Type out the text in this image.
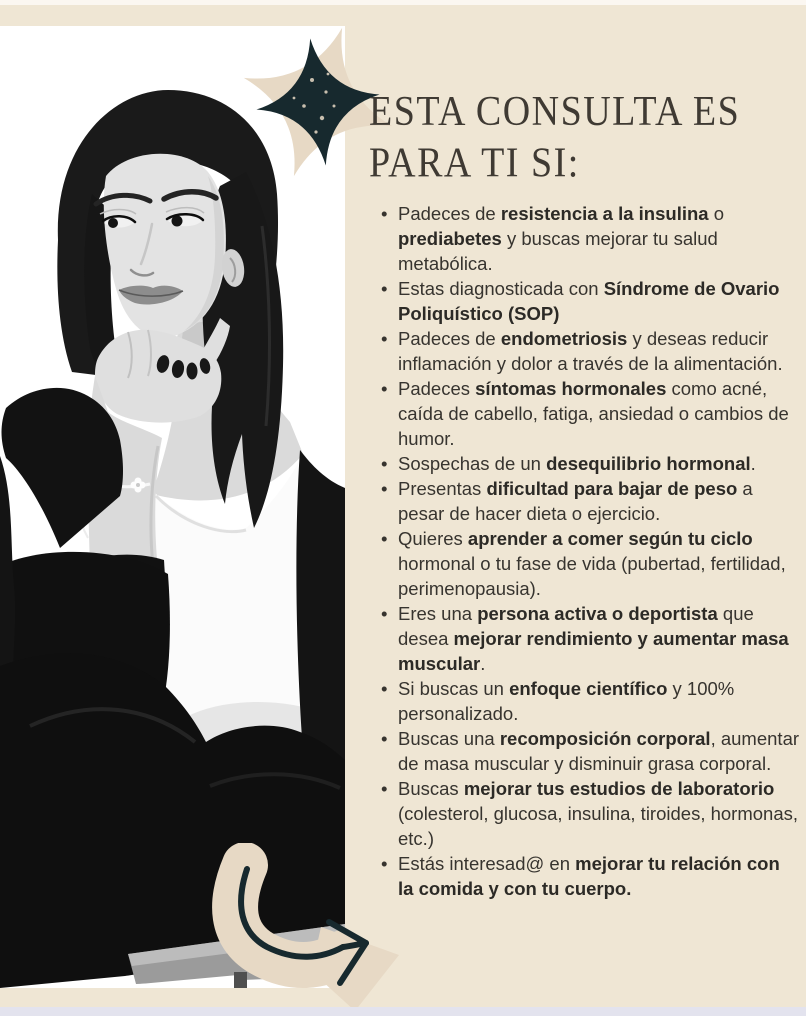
ESTA CONSULTA ES
PARA TI SI:
• Padeces de resistencia a la insulina o prediabetes y buscas mejorar tu salud metabólica.
• Estas diagnosticada con Síndrome de Ovario Poliquístico (SOP)
• Padeces de endometriosis y deseas reducir inflamación y dolor a través de la alimentación.
• Padeces síntomas hormonales como acné, caída de cabello, fatiga, ansiedad o cambios de humor.
• Sospechas de un desequilibrio hormonal.
• Presentas dificultad para bajar de peso a pesar de hacer dieta o ejercicio.
• Quieres aprender a comer según tu ciclo hormonal o tu fase de vida (pubertad, fertilidad, perimenopausia).
• Eres una persona activa o deportista que desea mejorar rendimiento y aumentar masa muscular.
• Si buscas un enfoque científico y 100% personalizado.
• Buscas una recomposición corporal, aumentar de masa muscular y disminuir grasa corporal.
• Buscas mejorar tus estudios de laboratorio (colesterol, glucosa, insulina, tiroides, hormonas, etc.)
• Estás interesad@ en mejorar tu relación con la comida y con tu cuerpo.
